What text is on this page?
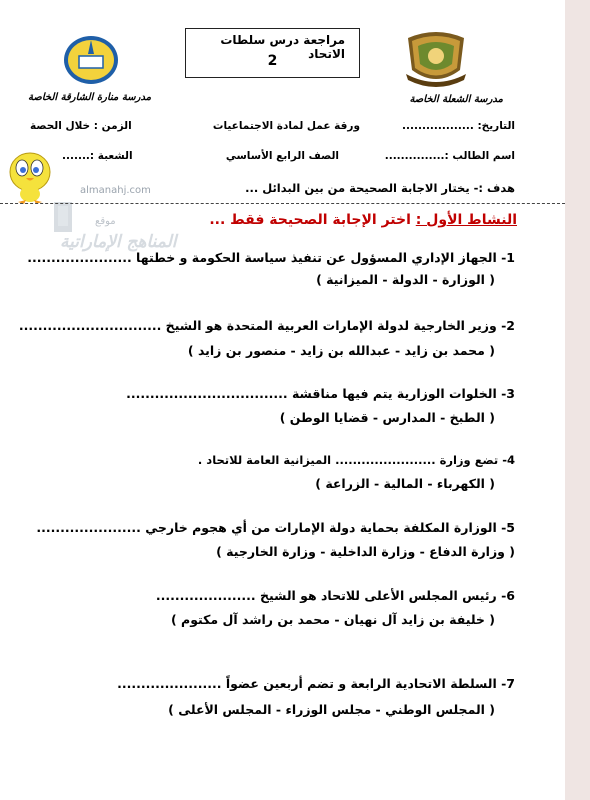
مراجعة درس سلطات الاتحاد
2
مدرسة الشعلة الخاصة
مدرسة منارة الشارقة الخاصة
التاريخ: ..................
ورقة عمل لمادة الاجتماعيات
الزمن : خلال الحصة
اسم الطالب :...............
الصف الرابع الأساسي
الشعبة :.......
هدف :- يختار الاجابة الصحيحة من بين البدائل ...
almanahj.com
موقع
المناهج الإماراتية
النشاط الأول : اختر الإجابة الصحيحة فقط ...
1- الجهاز الإداري المسؤول عن تنفيذ سياسة الحكومة و خطتها ......................
( الوزارة - الدولة - الميزانية )
2- وزير الخارجية لدولة الإمارات العربية المتحدة هو الشيخ ..............................
( محمد بن زايد - عبدالله بن زايد - منصور بن زايد )
3- الخلوات الوزارية يتم فيها مناقشة ..................................
( الطبخ - المدارس - قضايا الوطن )
4- تضع وزارة ....................... الميزانية العامة للاتحاد .
( الكهرباء - المالية - الزراعة )
5- الوزارة المكلفة بحماية دولة الإمارات من أي هجوم خارجي ......................
( وزارة الدفاع - وزارة الداخلية - وزارة الخارجية )
6- رئيس المجلس الأعلى للاتحاد هو الشيخ .....................
( خليفة بن زايد آل نهيان - محمد بن راشد آل مكتوم )
7- السلطة الاتحادية الرابعة و تضم أربعين عضواً ......................
( المجلس الوطني - مجلس الوزراء - المجلس الأعلى )
